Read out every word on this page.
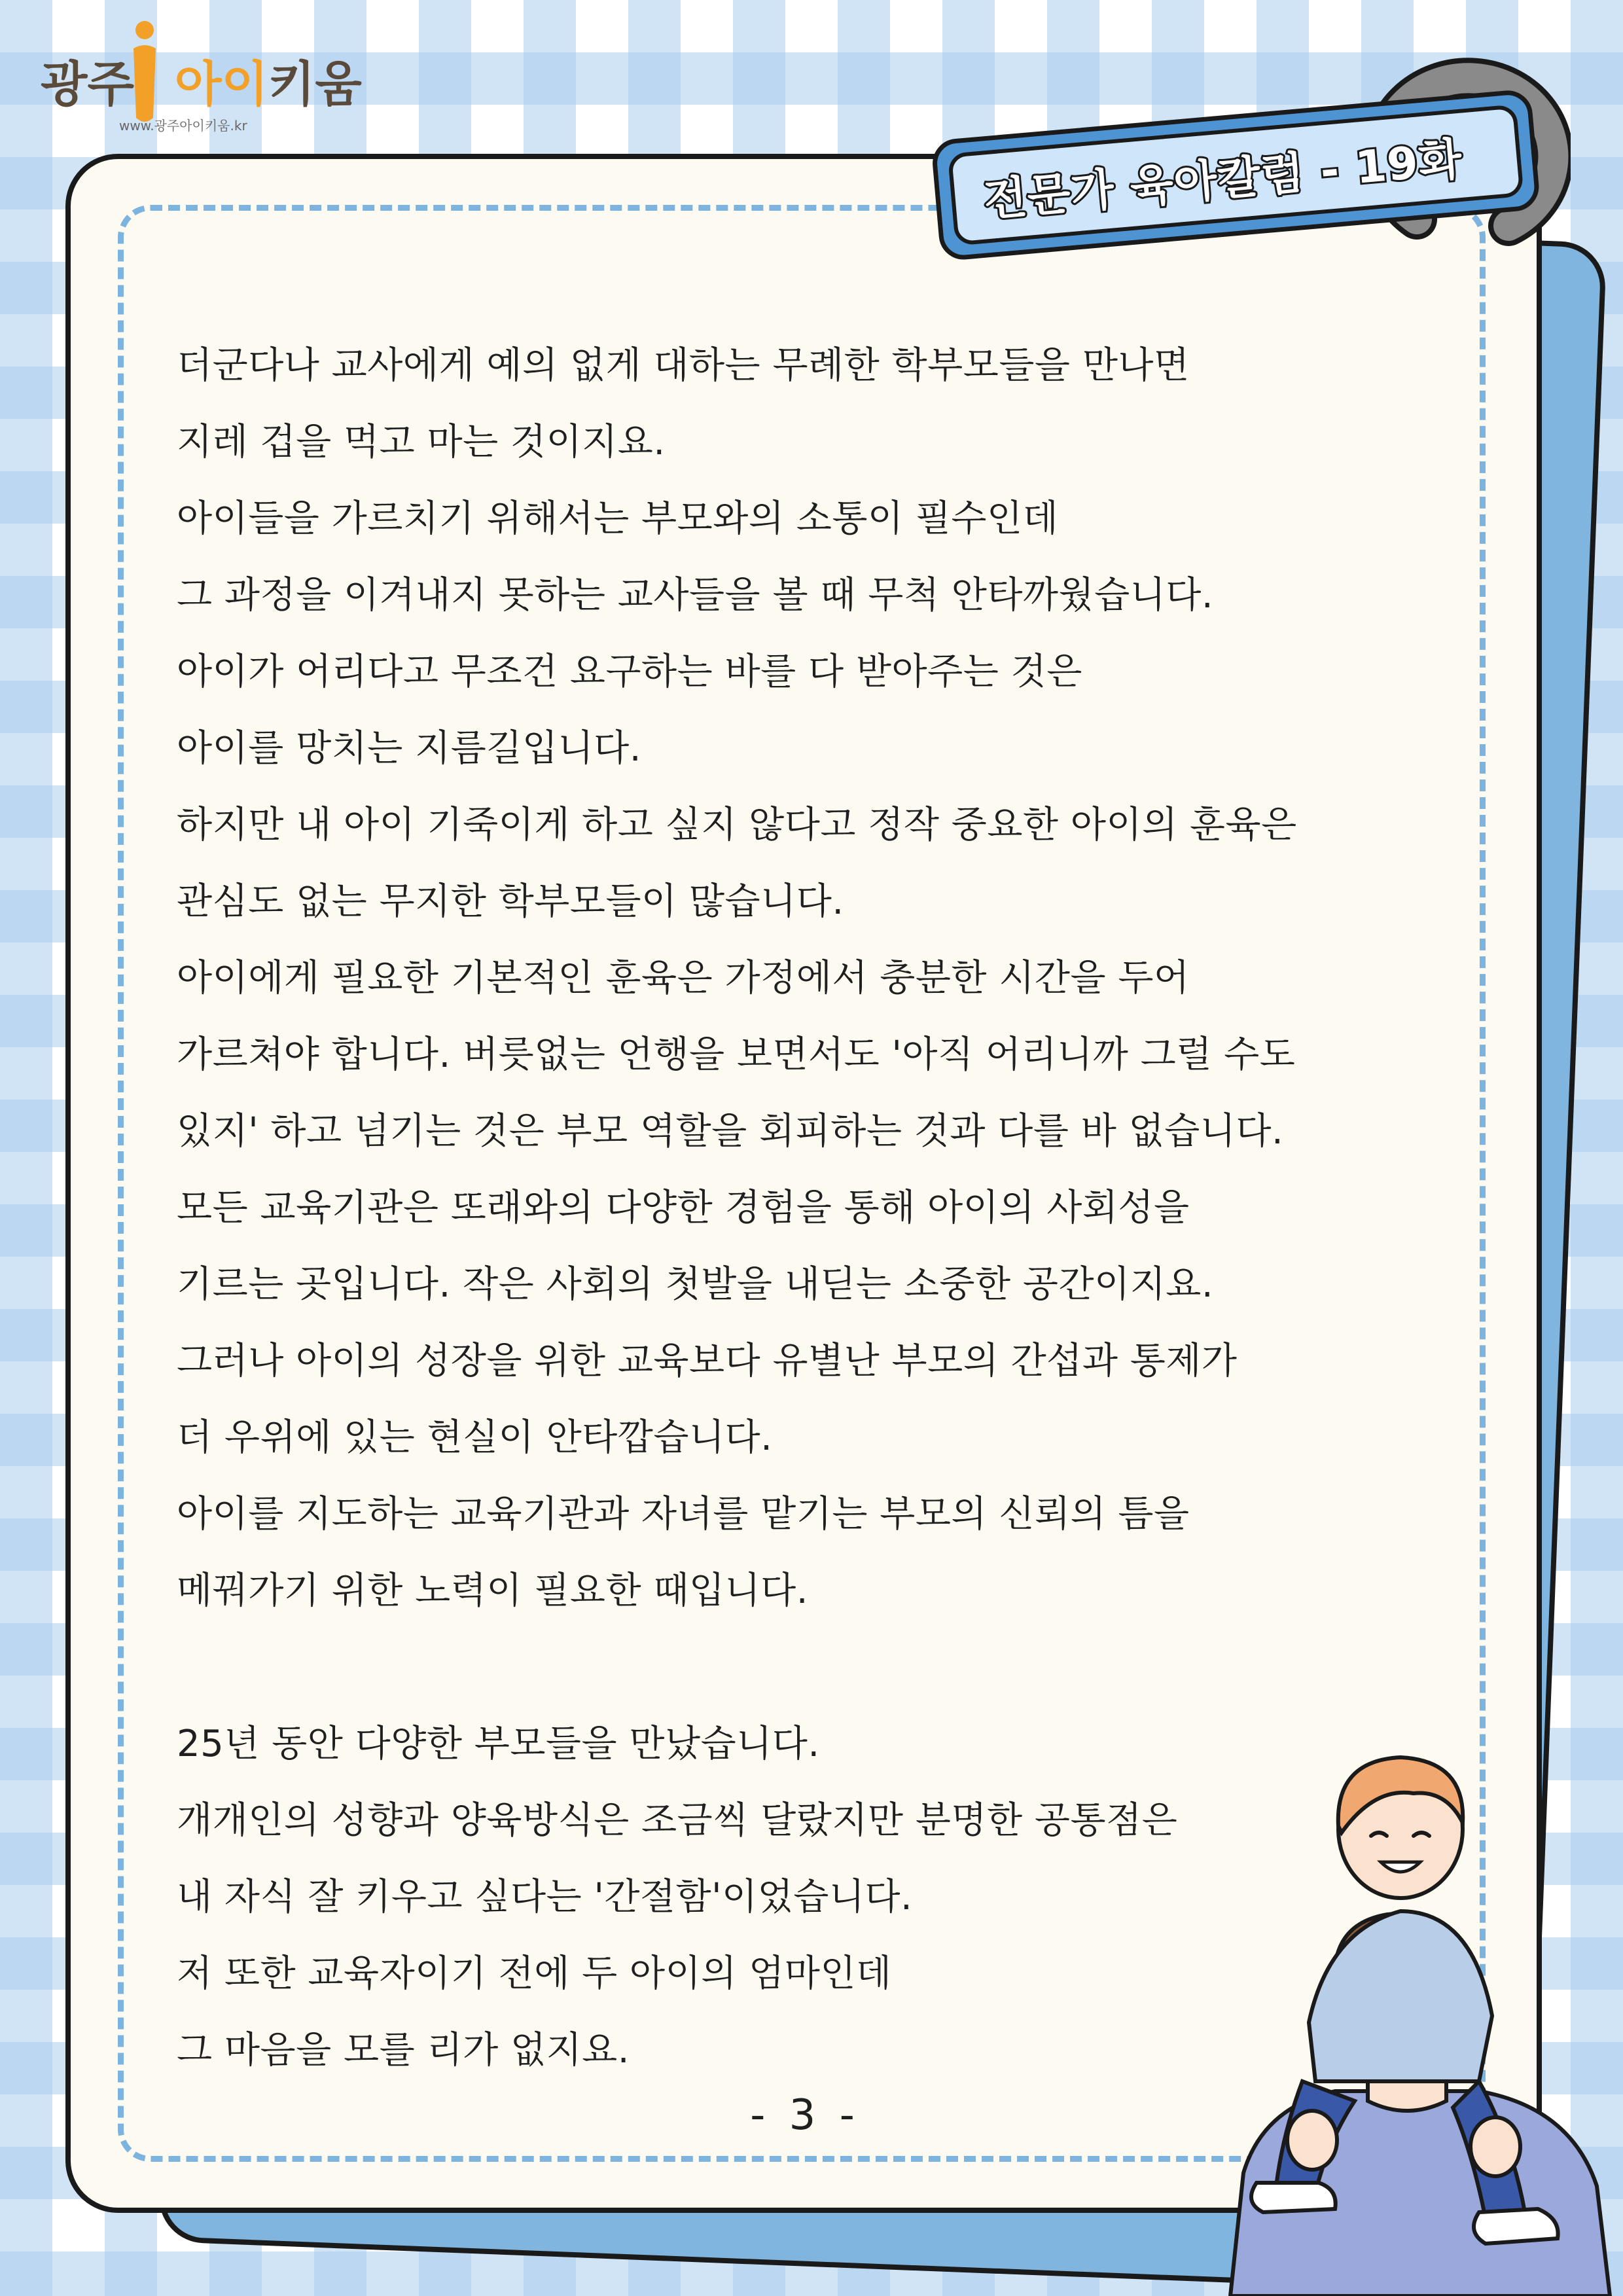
광주 아이키움
www.광주아이키움.kr
전문가 육아칼럼 - 19화
더군다나 교사에게 예의 없게 대하는 무례한 학부모들을 만나면
지레 겁을 먹고 마는 것이지요.
아이들을 가르치기 위해서는 부모와의 소통이 필수인데
그 과정을 이겨내지 못하는 교사들을 볼 때 무척 안타까웠습니다.
아이가 어리다고 무조건 요구하는 바를 다 받아주는 것은
아이를 망치는 지름길입니다.
하지만 내 아이 기죽이게 하고 싶지 않다고 정작 중요한 아이의 훈육은
관심도 없는 무지한 학부모들이 많습니다.
아이에게 필요한 기본적인 훈육은 가정에서 충분한 시간을 두어
가르쳐야 합니다. 버릇없는 언행을 보면서도 '아직 어리니까 그럴 수도
있지' 하고 넘기는 것은 부모 역할을 회피하는 것과 다를 바 없습니다.
모든 교육기관은 또래와의 다양한 경험을 통해 아이의 사회성을
기르는 곳입니다. 작은 사회의 첫발을 내딛는 소중한 공간이지요.
그러나 아이의 성장을 위한 교육보다 유별난 부모의 간섭과 통제가
더 우위에 있는 현실이 안타깝습니다.
아이를 지도하는 교육기관과 자녀를 맡기는 부모의 신뢰의 틈을
메꿔가기 위한 노력이 필요한 때입니다.
25년 동안 다양한 부모들을 만났습니다.
개개인의 성향과 양육방식은 조금씩 달랐지만 분명한 공통점은
내 자식 잘 키우고 싶다는 '간절함'이었습니다.
저 또한 교육자이기 전에 두 아이의 엄마인데
그 마음을 모를 리가 없지요.
- 3 -
